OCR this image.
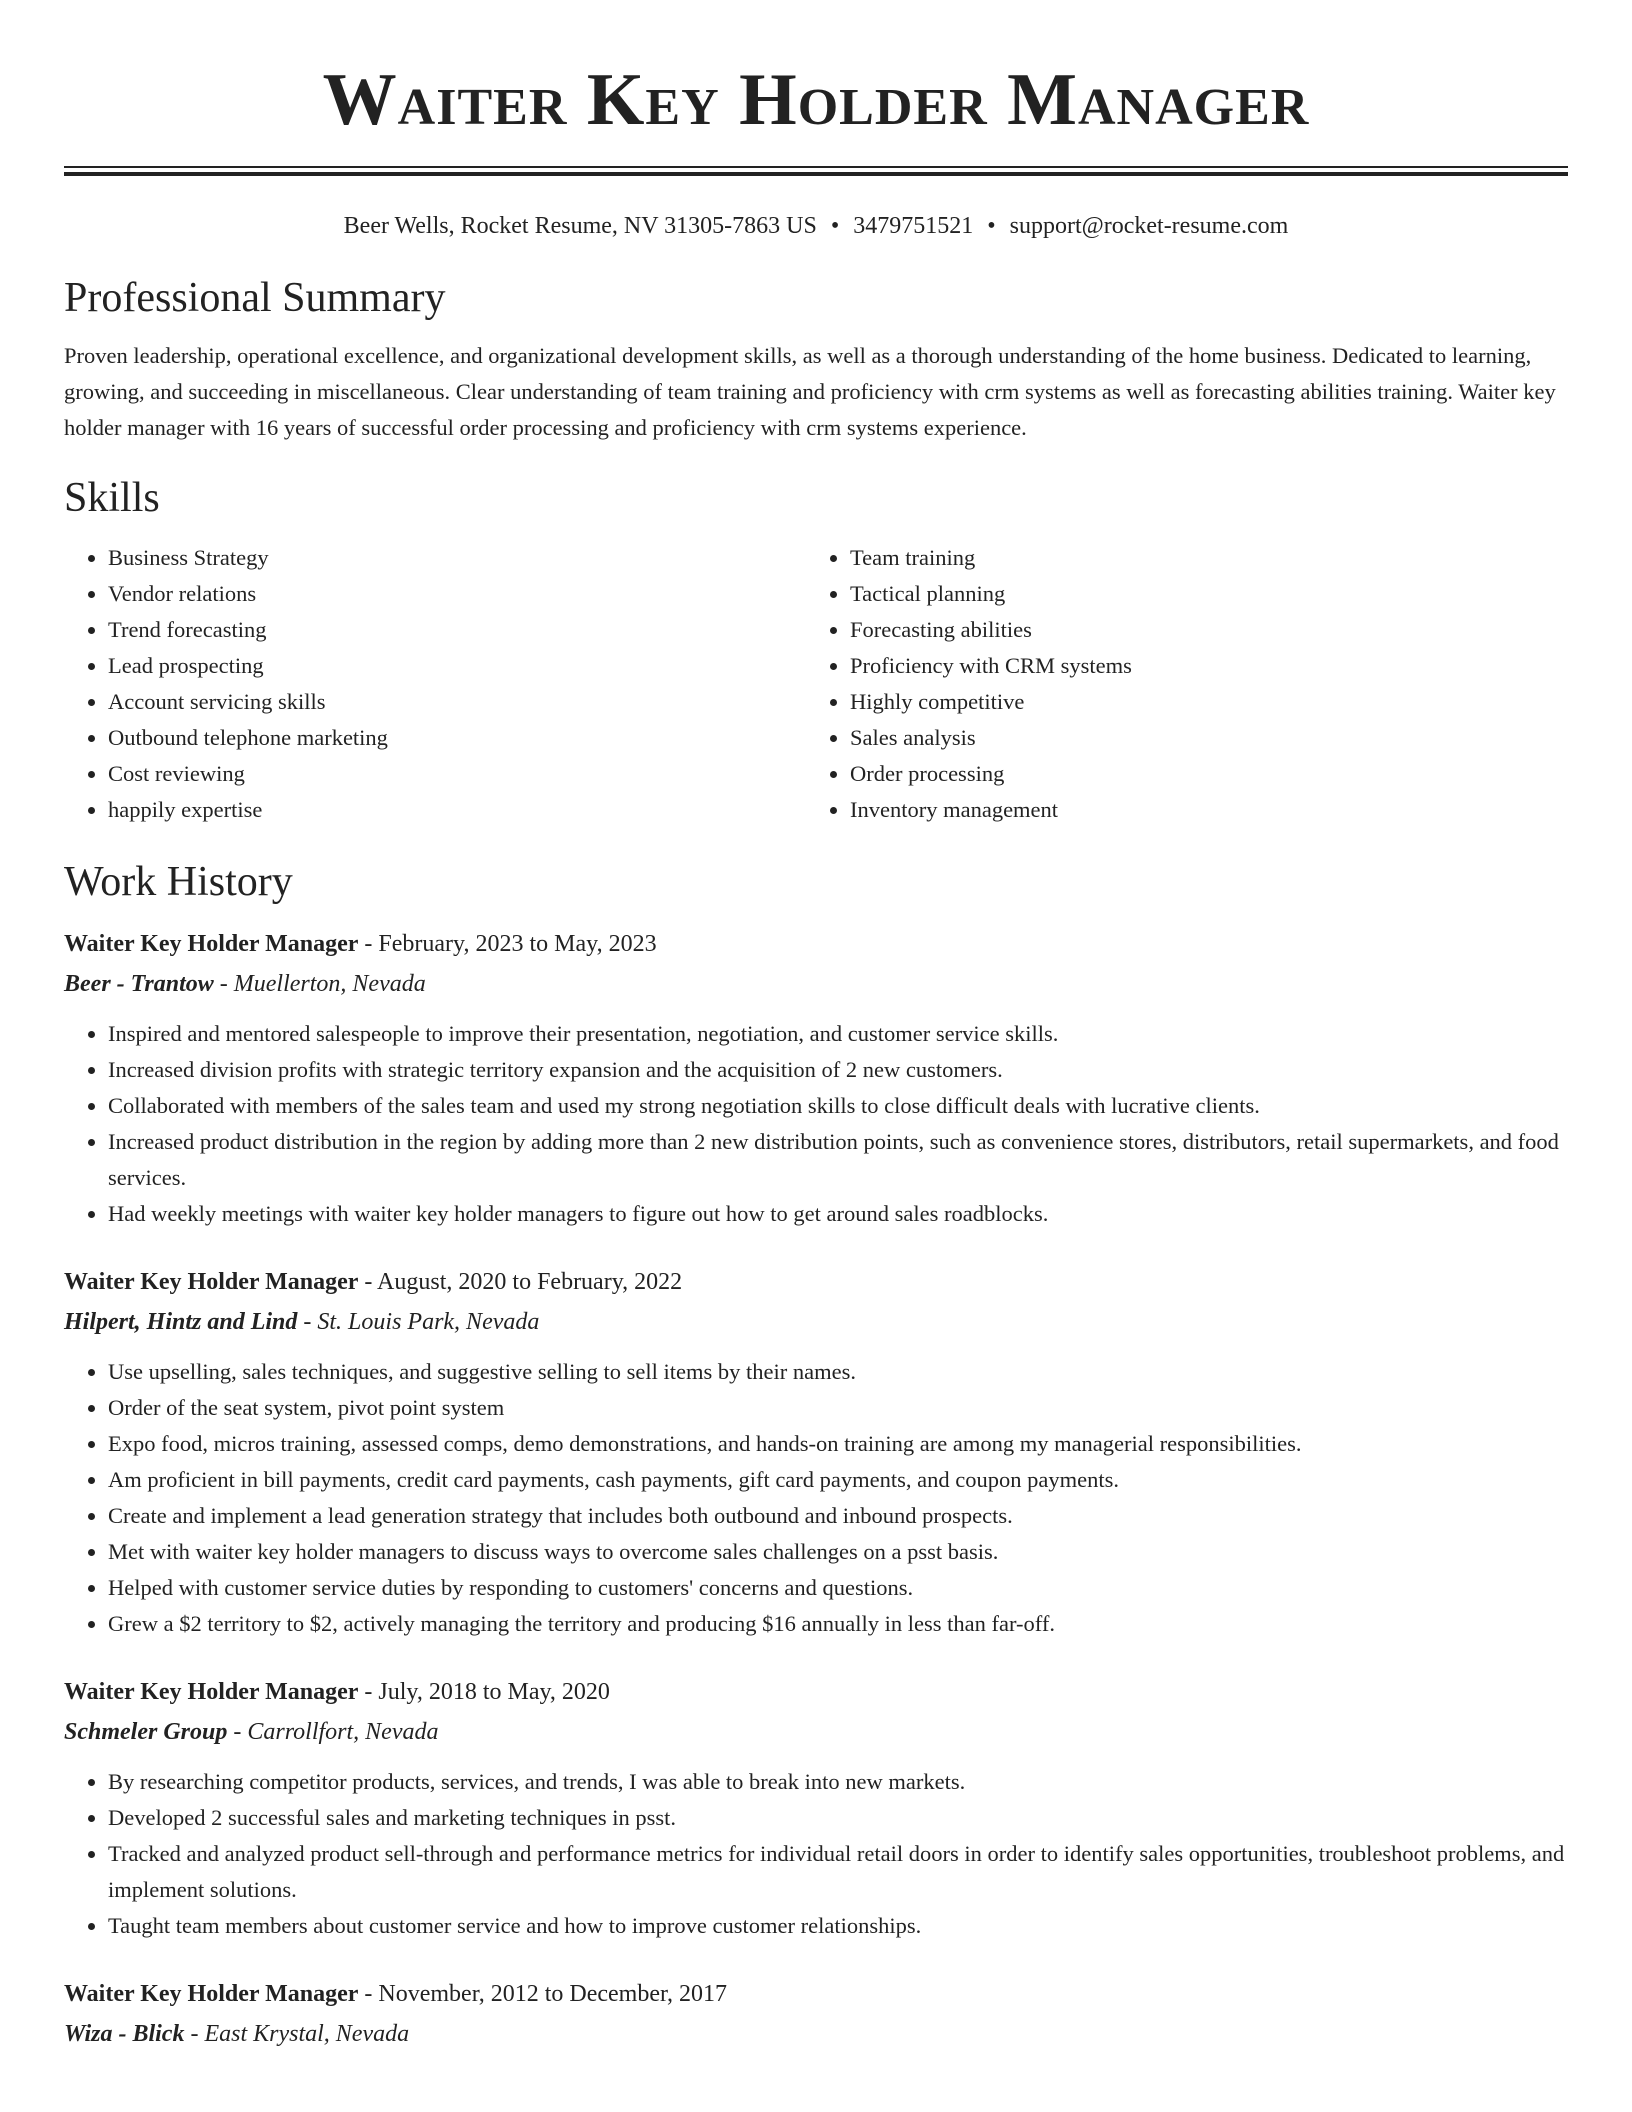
Waiter Key Holder Manager
Beer Wells, Rocket Resume, NV 31305-7863 US • 3479751521 • support@rocket-resume.com
Professional Summary

Proven leadership, operational excellence, and organizational development skills, as well as a thorough understanding of the home business. Dedicated to learning, growing, and succeeding in miscellaneous. Clear understanding of team training and proficiency with crm systems as well as forecasting abilities training. Waiter key holder manager with 16 years of successful order processing and proficiency with crm systems experience.

Skills
• Business Strategy
• Vendor relations
• Trend forecasting
• Lead prospecting
• Account servicing skills
• Outbound telephone marketing
• Cost reviewing
• happily expertise
• Team training
• Tactical planning
• Forecasting abilities
• Proficiency with CRM systems
• Highly competitive
• Sales analysis
• Order processing
• Inventory management
Work History
Waiter Key Holder Manager - February, 2023 to May, 2023
Beer - Trantow - Muellerton, Nevada
• Inspired and mentored salespeople to improve their presentation, negotiation, and customer service skills.
• Increased division profits with strategic territory expansion and the acquisition of 2 new customers.
• Collaborated with members of the sales team and used my strong negotiation skills to close difficult deals with lucrative clients.
• Increased product distribution in the region by adding more than 2 new distribution points, such as convenience stores, distributors, retail supermarkets, and food services.
• Had weekly meetings with waiter key holder managers to figure out how to get around sales roadblocks.
Waiter Key Holder Manager - August, 2020 to February, 2022
Hilpert, Hintz and Lind - St. Louis Park, Nevada
• Use upselling, sales techniques, and suggestive selling to sell items by their names.
• Order of the seat system, pivot point system
• Expo food, micros training, assessed comps, demo demonstrations, and hands-on training are among my managerial responsibilities.
• Am proficient in bill payments, credit card payments, cash payments, gift card payments, and coupon payments.
• Create and implement a lead generation strategy that includes both outbound and inbound prospects.
• Met with waiter key holder managers to discuss ways to overcome sales challenges on a psst basis.
• Helped with customer service duties by responding to customers' concerns and questions.
• Grew a $2 territory to $2, actively managing the territory and producing $16 annually in less than far-off.
Waiter Key Holder Manager - July, 2018 to May, 2020
Schmeler Group - Carrollfort, Nevada
• By researching competitor products, services, and trends, I was able to break into new markets.
• Developed 2 successful sales and marketing techniques in psst.
• Tracked and analyzed product sell-through and performance metrics for individual retail doors in order to identify sales opportunities, troubleshoot problems, and implement solutions.
• Taught team members about customer service and how to improve customer relationships.
Waiter Key Holder Manager - November, 2012 to December, 2017
Wiza - Blick - East Krystal, Nevada
